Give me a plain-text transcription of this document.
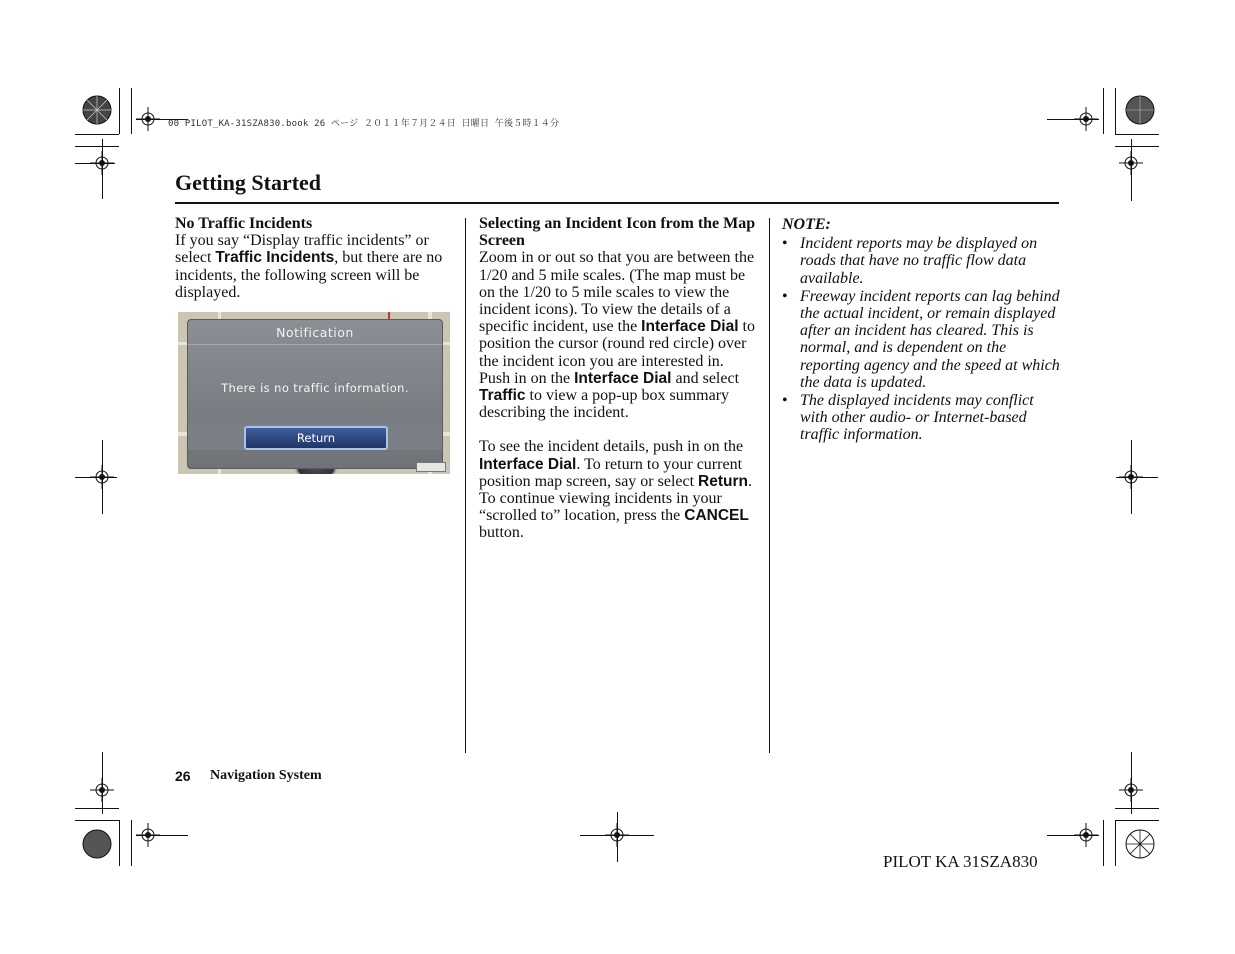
00 PILOT_KA-31SZA830.book 26 ページ ２０１１年７月２４日 日曜日 午後５時１４分
Getting Started
No Traffic Incidents

If you say “Display traffic incidents” or select Traffic Incidents, but there are no incidents, the following screen will be displayed.

Notification
There is no traffic information.
Return
Selecting an Incident Icon from the Map Screen

Zoom in or out so that you are between the 1/20 and 5 mile scales. (The map must be on the 1/20 to 5 mile scales to view the incident icons). To view the details of a specific incident, use the Interface Dial to position the cursor (round red circle) over the incident icon you are interested in. Push in on the Interface Dial and select Traffic to view a pop-up box summary describing the incident.

To see the incident details, push in on the Interface Dial. To return to your current position map screen, say or select Return. To continue viewing incidents in your “scrolled to” location, press the CANCEL button.

NOTE:
• Incident reports may be displayed on roads that have no traffic flow data available.
• Freeway incident reports can lag behind the actual incident, or remain displayed after an incident has cleared. This is normal, and is dependent on the reporting agency and the speed at which the data is updated.
• The displayed incidents may conflict with other audio- or Internet-based traffic information.
26 Navigation System
PILOT KA 31SZA830
